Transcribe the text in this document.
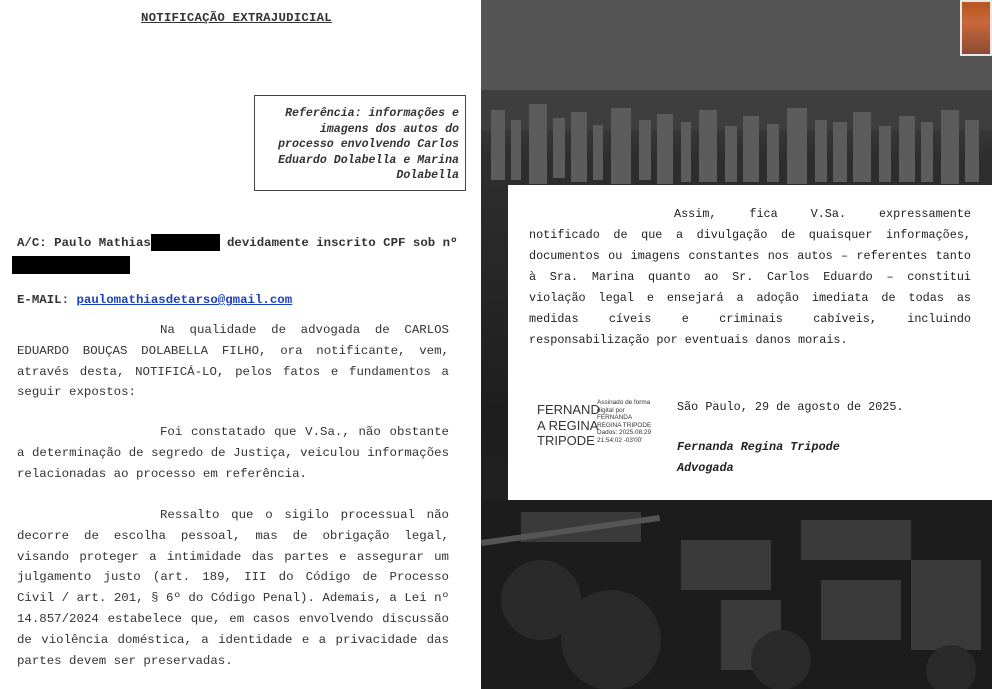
NOTIFICAÇÃO EXTRAJUDICIAL
Referência: informações e
imagens dos autos do
processo envolvendo Carlos
Eduardo Dolabella e Marina
Dolabella
A/C: Paulo Mathias	devidamente inscrito CPF sob nº
E-MAIL: paulomathiasdetarso@gmail.com
Na qualidade de advogada de CARLOS EDUARDO BOUÇAS DOLABELLA FILHO, ora notificante, vem, através desta, NOTIFICÁ-LO, pelos fatos e fundamentos a seguir expostos:
Foi constatado que V.Sa., não obstante a determinação de segredo de Justiça, veiculou informações relacionadas ao processo em referência.
Ressalto que o sigilo processual não decorre de escolha pessoal, mas de obrigação legal, visando proteger a intimidade das partes e assegurar um julgamento justo (art. 189, III do Código de Processo Civil / art. 201, § 6º do Código Penal). Ademais, a Lei nº 14.857/2024 estabelece que, em casos envolvendo discussão de violência doméstica, a identidade e a privacidade das partes devem ser preservadas.
Assim, fica V.Sa. expressamente notificado de que a divulgação de quaisquer informações, documentos ou imagens constantes nos autos – referentes tanto à Sra. Marina quanto ao Sr. Carlos Eduardo – constitui violação legal e ensejará a adoção imediata de todas as medidas cíveis e criminais cabíveis, incluindo responsabilização por eventuais danos morais.
FERNAND
A REGINA
TRIPODE
Assinado de forma
digital por
FERNANDA
REGINA TRIPODE
Dados: 2025.08.29
21:54:02 -03'00'
São Paulo, 29 de agosto de 2025.
Fernanda Regina Tripode
Advogada
